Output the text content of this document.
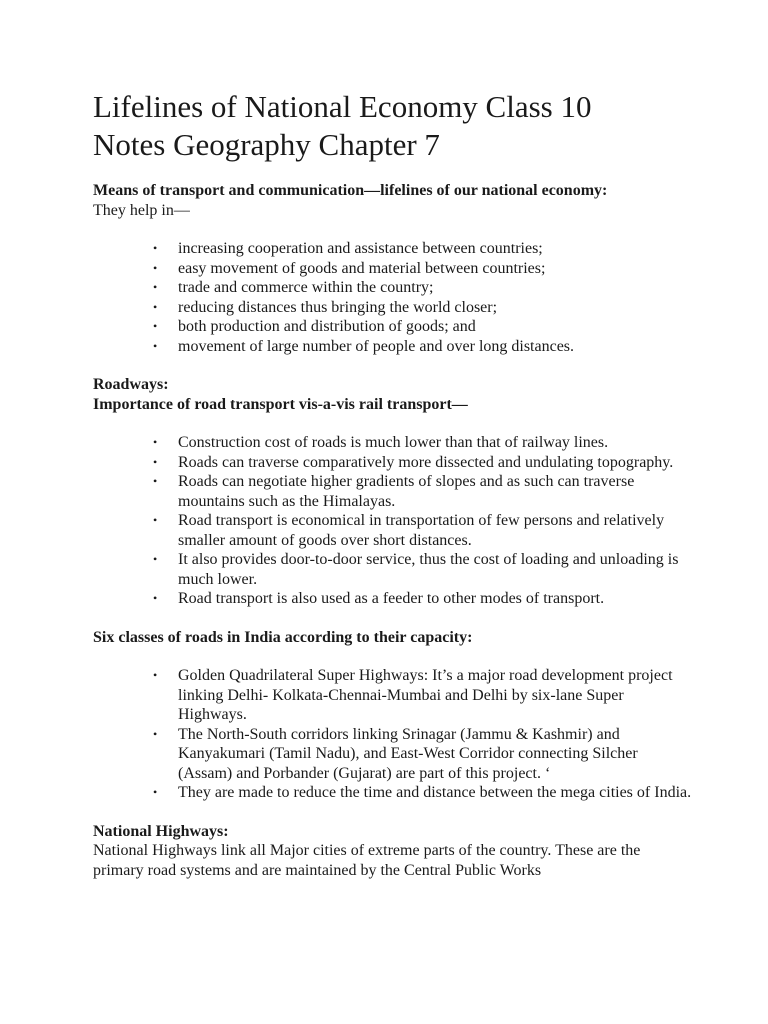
Lifelines of National Economy Class 10
Notes Geography Chapter 7

Means of transport and communication—lifelines of our national economy:
They help in—

• increasing cooperation and assistance between countries;
• easy movement of goods and material between countries;
• trade and commerce within the country;
• reducing distances thus bringing the world closer;
• both production and distribution of goods; and
• movement of large number of people and over long distances.

Roadways:
Importance of road transport vis-a-vis rail transport—

• Construction cost of roads is much lower than that of railway lines.
• Roads can traverse comparatively more dissected and undulating topography.
• Roads can negotiate higher gradients of slopes and as such can traverse mountains such as the Himalayas.
• Road transport is economical in transportation of few persons and relatively smaller amount of goods over short distances.
• It also provides door-to-door service, thus the cost of loading and unloading is much lower.
• Road transport is also used as a feeder to other modes of transport.

Six classes of roads in India according to their capacity:

• Golden Quadrilateral Super Highways: It’s a major road development project linking Delhi- Kolkata-Chennai-Mumbai and Delhi by six-lane Super Highways.
• The North-South corridors linking Srinagar (Jammu & Kashmir) and Kanyakumari (Tamil Nadu), and East-West Corridor connecting Silcher (Assam) and Porbander (Gujarat) are part of this project. ‘
• They are made to reduce the time and distance between the mega cities of India.

National Highways:
National Highways link all Major cities of extreme parts of the country. These are the primary road systems and are maintained by the Central Public Works
